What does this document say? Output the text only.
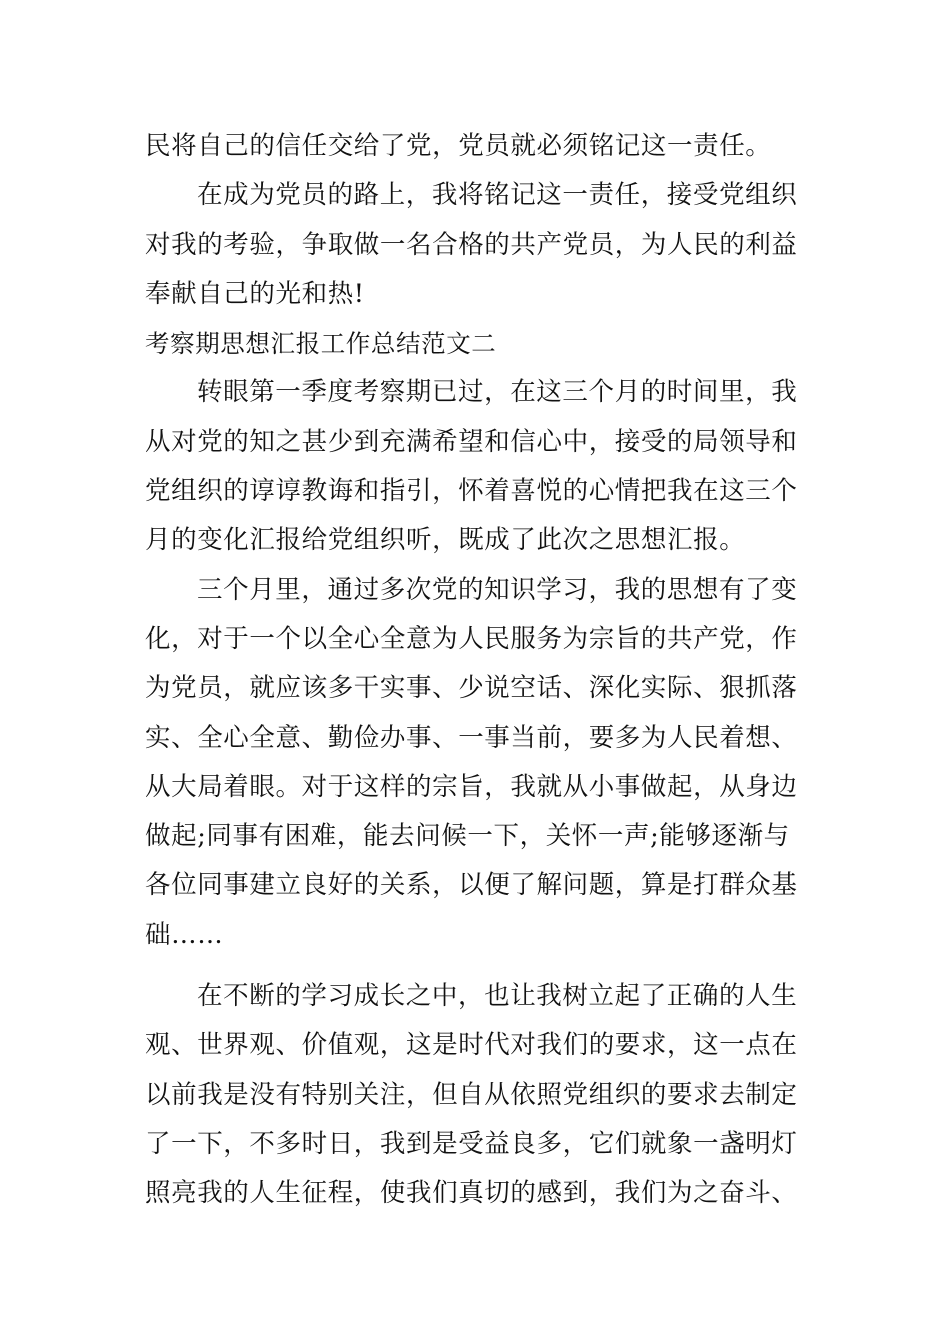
民将自己的信任交给了党，党员就必须铭记这一责任。
在成为党员的路上，我将铭记这一责任，接受党组织
对我的考验，争取做一名合格的共产党员，为人民的利益
奉献自己的光和热!
考察期思想汇报工作总结范文二
转眼第一季度考察期已过，在这三个月的时间里，我
从对党的知之甚少到充满希望和信心中，接受的局领导和
党组织的谆谆教诲和指引，怀着喜悦的心情把我在这三个
月的变化汇报给党组织听，既成了此次之思想汇报。
三个月里，通过多次党的知识学习，我的思想有了变
化，对于一个以全心全意为人民服务为宗旨的共产党，作
为党员，就应该多干实事、少说空话、深化实际、狠抓落
实、全心全意、勤俭办事、一事当前，要多为人民着想、
从大局着眼。对于这样的宗旨，我就从小事做起，从身边
做起;同事有困难，能去问候一下，关怀一声;能够逐渐与
各位同事建立良好的关系，以便了解问题，算是打群众基
础……
在不断的学习成长之中，也让我树立起了正确的人生
观、世界观、价值观，这是时代对我们的要求，这一点在
以前我是没有特别关注，但自从依照党组织的要求去制定
了一下，不多时日，我到是受益良多，它们就象一盏明灯
照亮我的人生征程，使我们真切的感到，我们为之奋斗、
